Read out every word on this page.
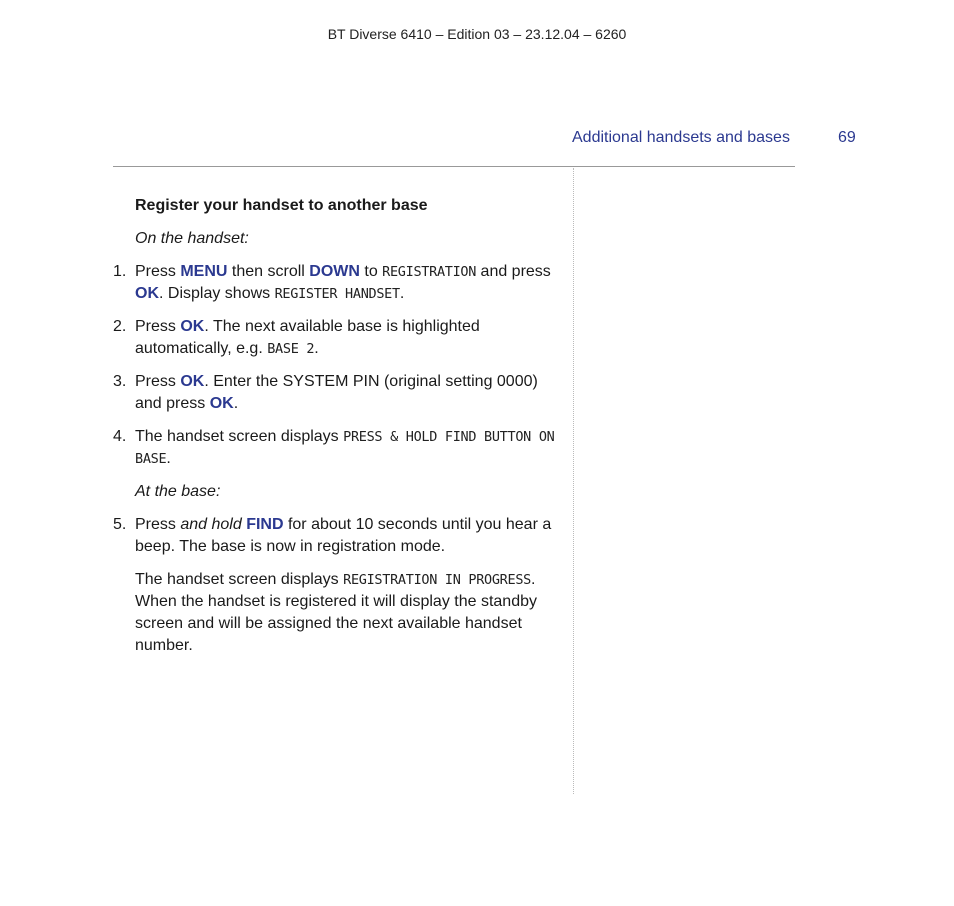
BT Diverse 6410 – Edition 03 – 23.12.04 – 6260
Additional handsets and bases	69
Register your handset to another base
On the handset:
1. Press MENU then scroll DOWN to REGISTRATION and press OK. Display shows REGISTER HANDSET.
2. Press OK. The next available base is highlighted automatically, e.g. BASE 2.
3. Press OK. Enter the SYSTEM PIN (original setting 0000) and press OK.
4. The handset screen displays PRESS & HOLD FIND BUTTON ON BASE.
At the base:
5. Press and hold FIND for about 10 seconds until you hear a beep. The base is now in registration mode.
The handset screen displays REGISTRATION IN PROGRESS. When the handset is registered it will display the standby screen and will be assigned the next available handset number.
